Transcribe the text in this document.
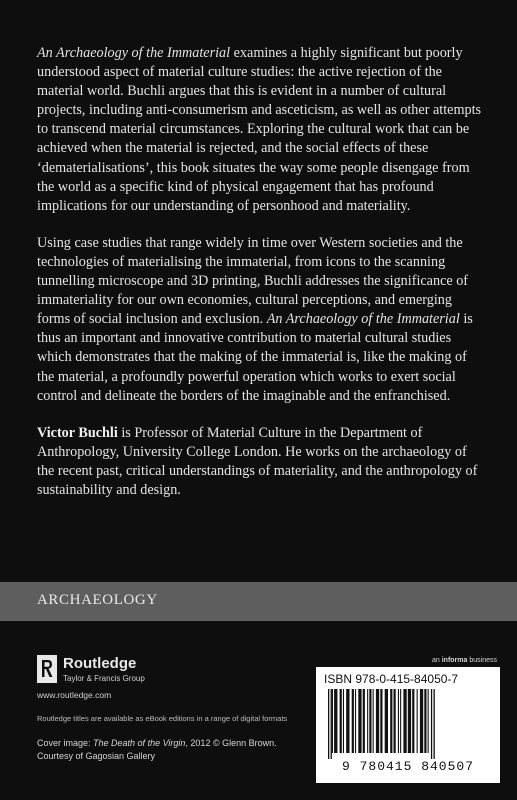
An Archaeology of the Immaterial examines a highly significant but poorly understood aspect of material culture studies: the active rejection of the material world. Buchli argues that this is evident in a number of cultural projects, including anti-consumerism and asceticism, as well as other attempts to transcend material circumstances. Exploring the cultural work that can be achieved when the material is rejected, and the social effects of these ‘dematerialisations’, this book situates the way some people disengage from the world as a specific kind of physical engagement that has profound implications for our understanding of personhood and materiality.

Using case studies that range widely in time over Western societies and the technologies of materialising the immaterial, from icons to the scanning tunnelling microscope and 3D printing, Buchli addresses the significance of immateriality for our own economies, cultural perceptions, and emerging forms of social inclusion and exclusion. An Archaeology of the Immaterial is thus an important and innovative contribution to material cultural studies which demonstrates that the making of the immaterial is, like the making of the material, a profoundly powerful operation which works to exert social control and delineate the borders of the imaginable and the enfranchised.

Victor Buchli is Professor of Material Culture in the Department of Anthropology, University College London. He works on the archaeology of the recent past, critical understandings of materiality, and the anthropology of sustainability and design.

ARCHAEOLOGY
Routledge
Taylor & Francis Group
www.routledge.com
Routledge titles are available as eBook editions in a range of digital formats
Cover image: The Death of the Virgin, 2012 © Glenn Brown.
Courtesy of Gagosian Gallery
an informa business
ISBN 978-0-415-84050-7
9 780415 840507
